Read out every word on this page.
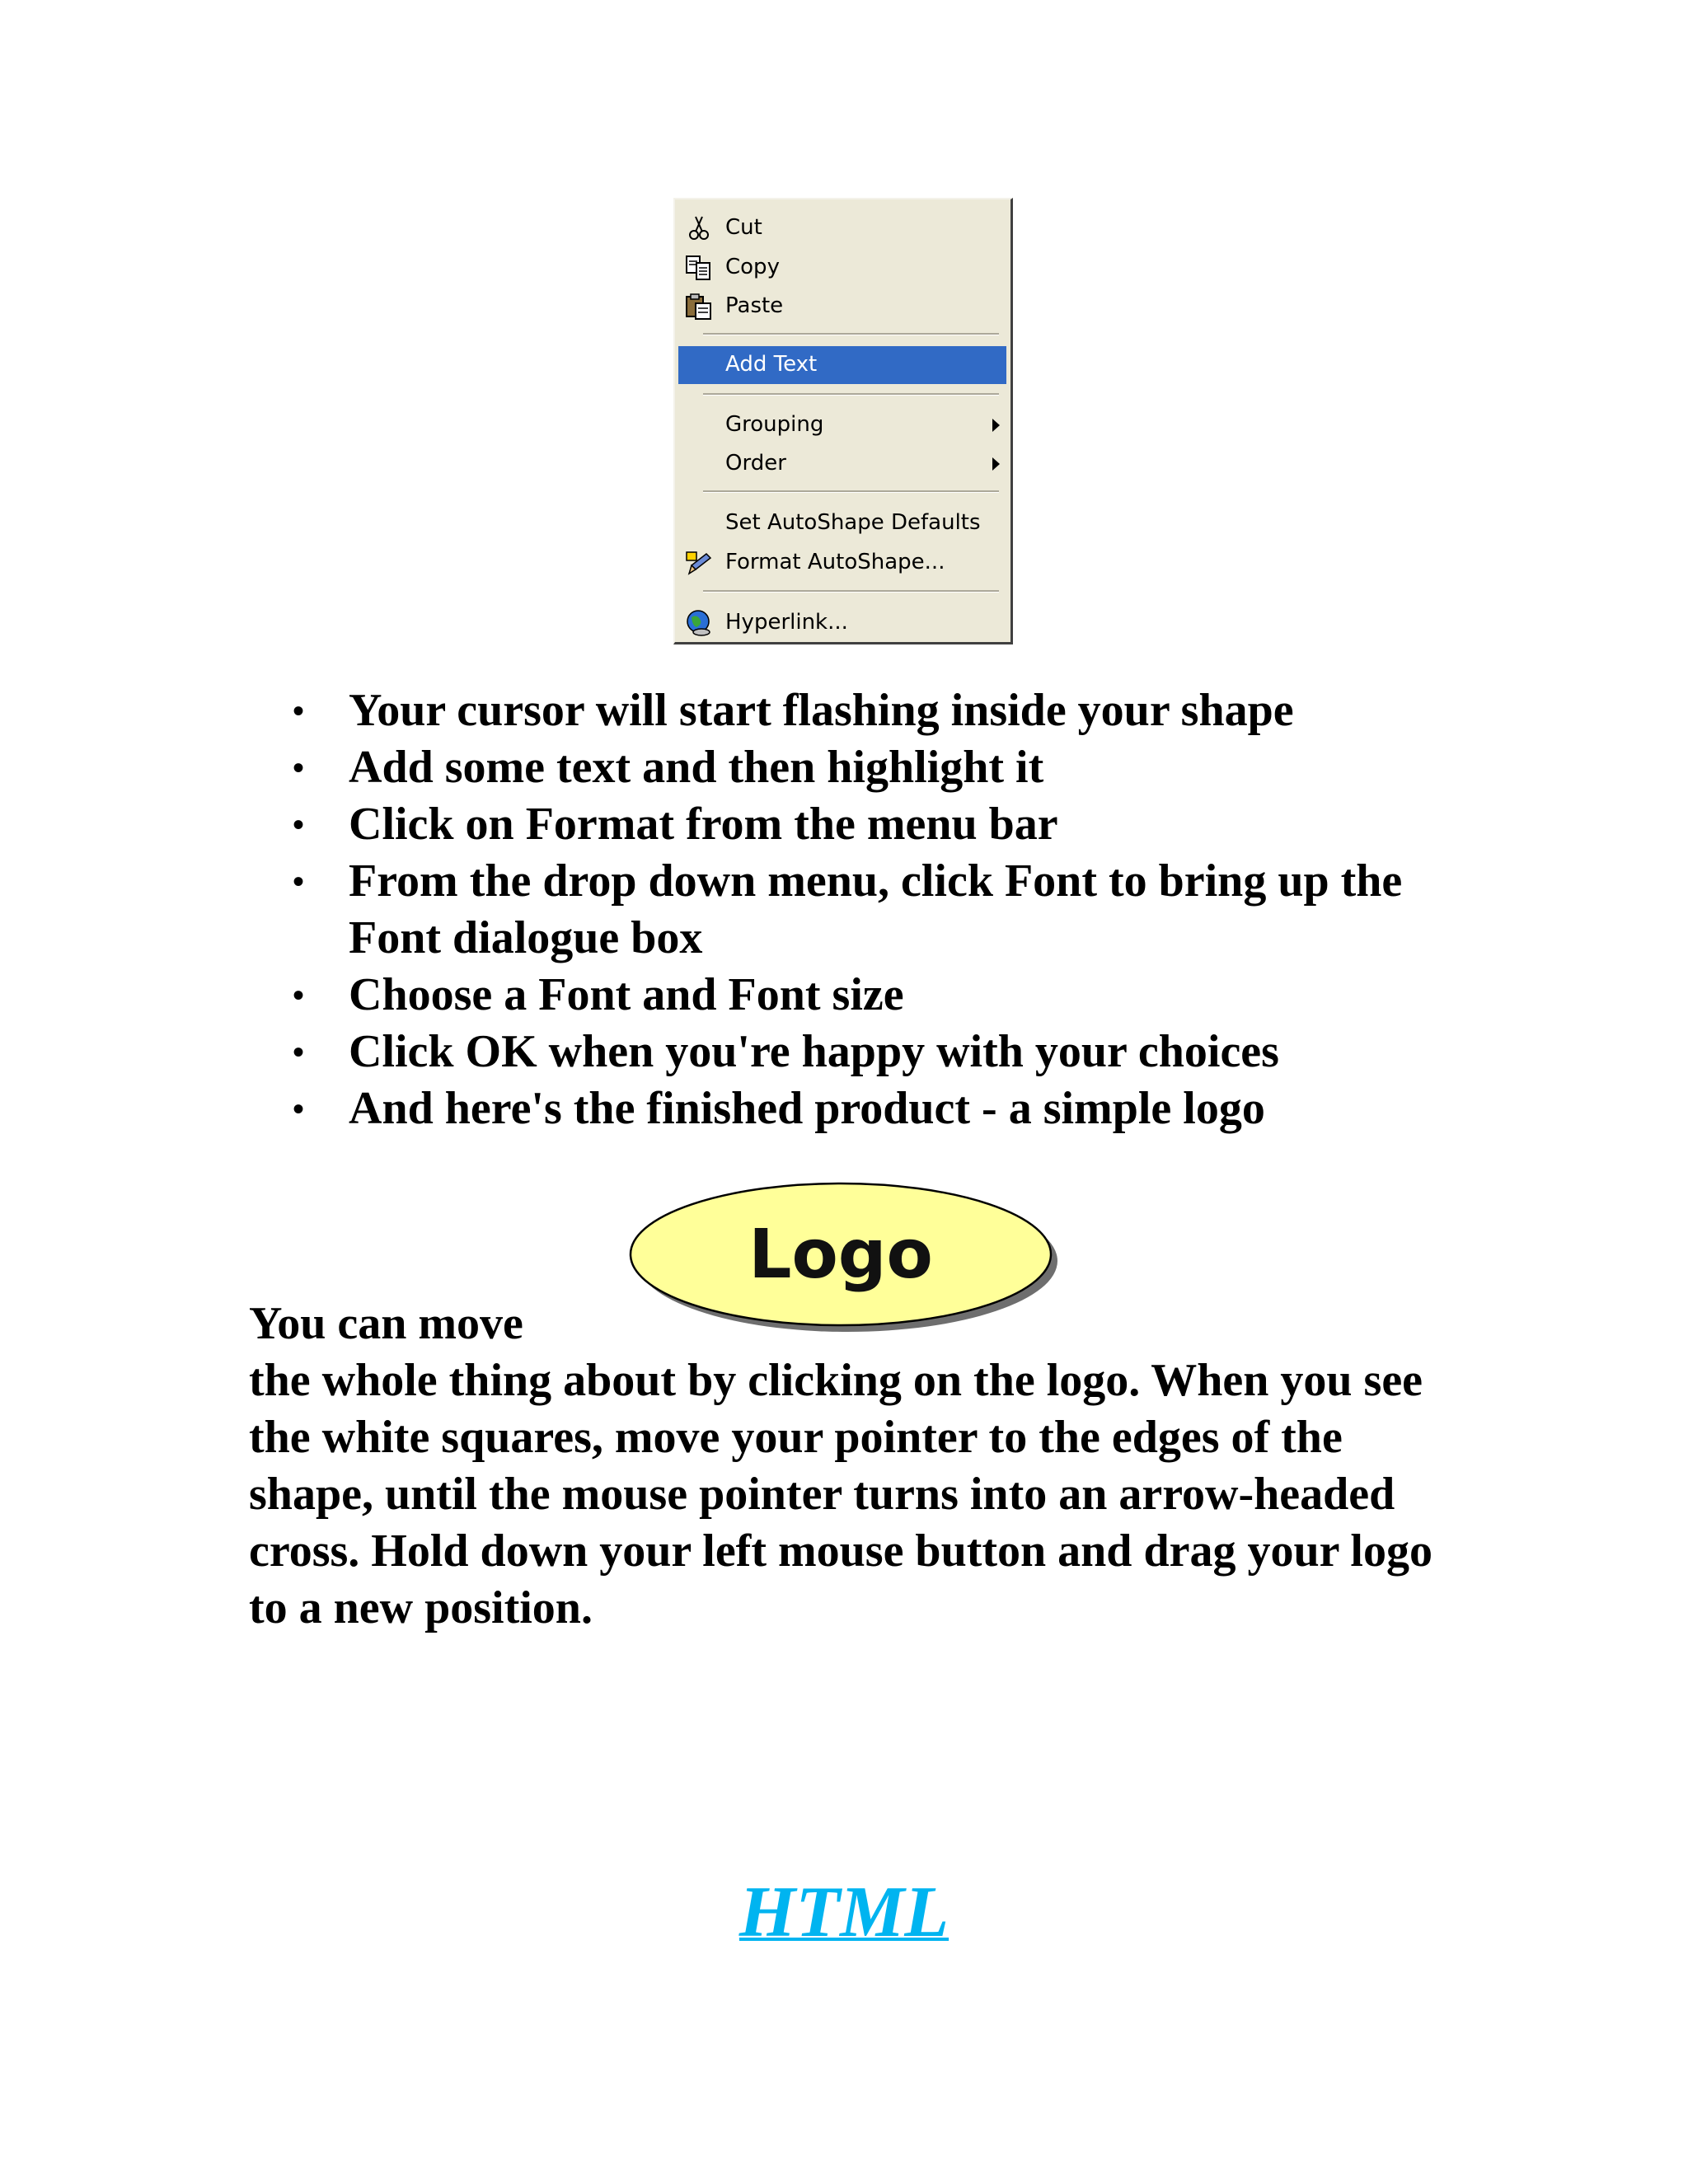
Cut
Copy
Paste
Add Text
Grouping
Order
Set AutoShape Defaults
Format AutoShape...
Hyperlink...
• Your cursor will start flashing inside your shape
• Add some text and then highlight it
• Click on Format from the menu bar
• From the drop down menu, click Font to bring up the Font dialogue box
• Choose a Font and Font size
• Click OK when you're happy with your choices
• And here's the finished product - a simple logo
Logo
You can move
the whole thing about by clicking on the logo. When you see the white squares, move your pointer to the edges of the shape, until the mouse pointer turns into an arrow-headed cross. Hold down your left mouse button and drag your logo to a new position.
HTML
